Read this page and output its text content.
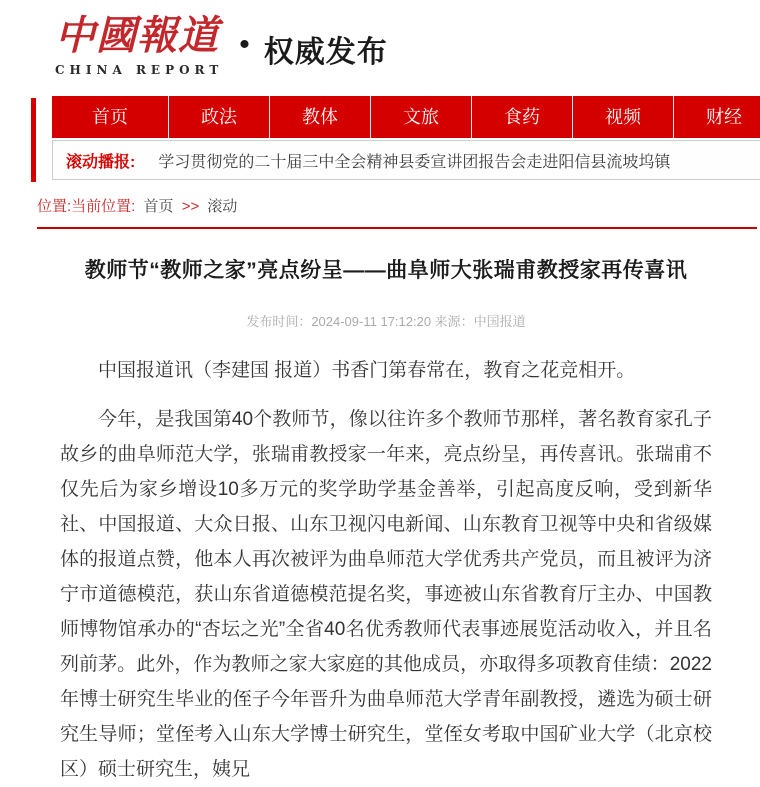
中國報道
CHINA REPORT
• 权威发布
首页	政法	教体	文旅	食药	视频	财经
滚动播报: 学习贯彻党的二十届三中全会精神县委宣讲团报告会走进阳信县流坡坞镇
位置:当前位置: 首页 >> 滚动
教师节“教师之家”亮点纷呈——曲阜师大张瑞甫教授家再传喜讯
发布时间：2024-09-11 17:12:20 来源：中国报道

中国报道讯（李建国 报道）书香门第春常在，教育之花竞相开。

今年，是我国第40个教师节，像以往许多个教师节那样，著名教育家孔子故乡的曲阜师范大学，张瑞甫教授家一年来，亮点纷呈，再传喜讯。张瑞甫不仅先后为家乡增设10多万元的奖学助学基金善举，引起高度反响，受到新华社、中国报道、大众日报、山东卫视闪电新闻、山东教育卫视等中央和省级媒体的报道点赞，他本人再次被评为曲阜师范大学优秀共产党员，而且被评为济宁市道德模范，获山东省道德模范提名奖，事迹被山东省教育厅主办、中国教师博物馆承办的“杏坛之光”全省40名优秀教师代表事迹展览活动收入，并且名列前茅。此外，作为教师之家大家庭的其他成员，亦取得多项教育佳绩：2022年博士研究生毕业的侄子今年晋升为曲阜师范大学青年副教授，遴选为硕士研究生导师；堂侄考入山东大学博士研究生，堂侄女考取中国矿业大学（北京校区）硕士研究生，姨兄
